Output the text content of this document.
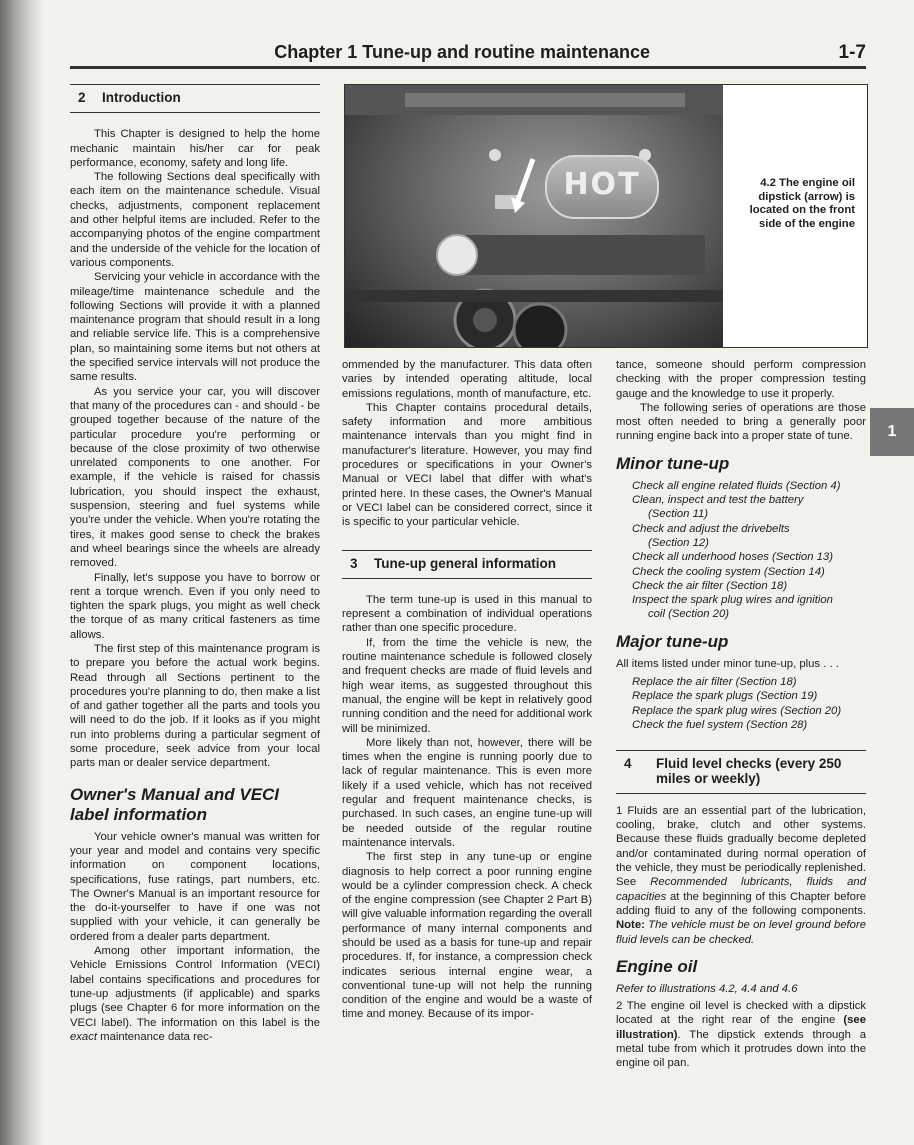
Chapter 1 Tune-up and routine maintenance	1-7
2 Introduction

This Chapter is designed to help the home mechanic maintain his/her car for peak performance, economy, safety and long life.

The following Sections deal specifically with each item on the maintenance schedule. Visual checks, adjustments, component replacement and other helpful items are included. Refer to the accompanying photos of the engine compartment and the underside of the vehicle for the location of various components.

Servicing your vehicle in accordance with the mileage/time maintenance schedule and the following Sections will provide it with a planned maintenance program that should result in a long and reliable service life. This is a comprehensive plan, so maintaining some items but not others at the specified service intervals will not produce the same results.

As you service your car, you will discover that many of the procedures can - and should - be grouped together because of the nature of the particular procedure you're performing or because of the close proximity of two otherwise unrelated components to one another. For example, if the vehicle is raised for chassis lubrication, you should inspect the exhaust, suspension, steering and fuel systems while you're under the vehicle. When you're rotating the tires, it makes good sense to check the brakes and wheel bearings since the wheels are already removed.

Finally, let's suppose you have to borrow or rent a torque wrench. Even if you only need to tighten the spark plugs, you might as well check the torque of as many critical fasteners as time allows.

The first step of this maintenance program is to prepare you before the actual work begins. Read through all Sections pertinent to the procedures you're planning to do, then make a list of and gather together all the parts and tools you will need to do the job. If it looks as if you might run into problems during a particular segment of some procedure, seek advice from your local parts man or dealer service department.

Owner's Manual and VECI label information

Your vehicle owner's manual was written for your year and model and contains very specific information on component locations, specifications, fuse ratings, part numbers, etc. The Owner's Manual is an important resource for the do-it-yourselfer to have if one was not supplied with your vehicle, it can generally be ordered from a dealer parts department.

Among other important information, the Vehicle Emissions Control Information (VECI) label contains specifications and procedures for tune-up adjustments (if applicable) and sparks plugs (see Chapter 6 for more information on the VECI label). The information on this label is the exact maintenance data rec-

HOT	4.2 The engine oil dipstick (arrow) is located on the front side of the engine

ommended by the manufacturer. This data often varies by intended operating altitude, local emissions regulations, month of manufacture, etc.

This Chapter contains procedural details, safety information and more ambitious maintenance intervals than you might find in manufacturer's literature. However, you may find procedures or specifications in your Owner's Manual or VECI label that differ with what's printed here. In these cases, the Owner's Manual or VECI label can be considered correct, since it is specific to your particular vehicle.

3 Tune-up general information

The term tune-up is used in this manual to represent a combination of individual operations rather than one specific procedure.

If, from the time the vehicle is new, the routine maintenance schedule is followed closely and frequent checks are made of fluid levels and high wear items, as suggested throughout this manual, the engine will be kept in relatively good running condition and the need for additional work will be minimized.

More likely than not, however, there will be times when the engine is running poorly due to lack of regular maintenance. This is even more likely if a used vehicle, which has not received regular and frequent maintenance checks, is purchased. In such cases, an engine tune-up will be needed outside of the regular routine maintenance intervals.

The first step in any tune-up or engine diagnosis to help correct a poor running engine would be a cylinder compression check. A check of the engine compression (see Chapter 2 Part B) will give valuable information regarding the overall performance of many internal components and should be used as a basis for tune-up and repair procedures. If, for instance, a compression check indicates serious internal engine wear, a conventional tune-up will not help the running condition of the engine and would be a waste of time and money. Because of its impor-

tance, someone should perform compression checking with the proper compression testing gauge and the knowledge to use it properly.

The following series of operations are those most often needed to bring a generally poor running engine back into a proper state of tune.

Minor tune-up
Check all engine related fluids (Section 4)
Clean, inspect and test the battery
(Section 11)
Check and adjust the drivebelts
(Section 12)
Check all underhood hoses (Section 13)
Check the cooling system (Section 14)
Check the air filter (Section 18)
Inspect the spark plug wires and ignition
coil (Section 20)
Major tune-up

All items listed under minor tune-up, plus . . .

Replace the air filter (Section 18)
Replace the spark plugs (Section 19)
Replace the spark plug wires (Section 20)
Check the fuel system (Section 28)
4	Fluid level checks (every 250 miles or weekly)

1 Fluids are an essential part of the lubrication, cooling, brake, clutch and other systems. Because these fluids gradually become depleted and/or contaminated during normal operation of the vehicle, they must be periodically replenished. See Recommended lubricants, fluids and capacities at the beginning of this Chapter before adding fluid to any of the following components. Note: The vehicle must be on level ground before fluid levels can be checked.

Engine oil

Refer to illustrations 4.2, 4.4 and 4.6

2 The engine oil level is checked with a dipstick located at the right rear of the engine (see illustration). The dipstick extends through a metal tube from which it protrudes down into the engine oil pan.

1
